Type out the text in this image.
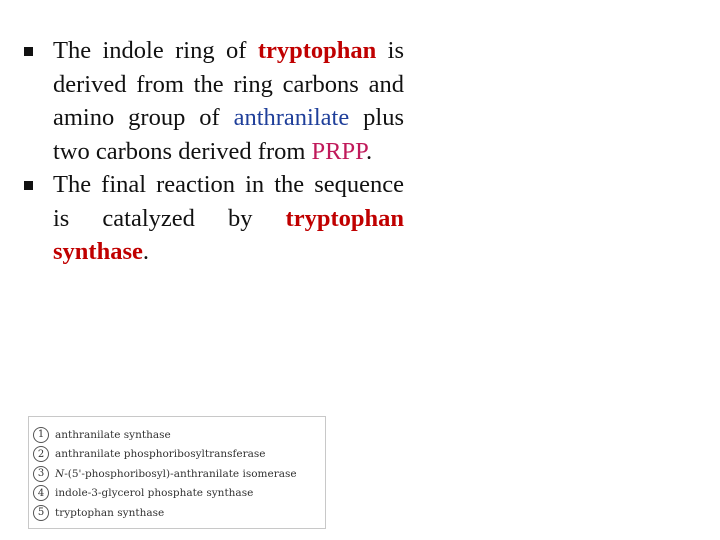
The indole ring of tryptophan is derived from the ring carbons and amino group of anthranilate plus two carbons derived from PRPP.
The final reaction in the sequence is catalyzed by tryptophan synthase.
1	anthranilate synthase
2	anthranilate phosphoribosyltransferase
3	N-(5'-phosphoribosyl)-anthranilate isomerase
4	indole-3-glycerol phosphate synthase
5	tryptophan synthase
